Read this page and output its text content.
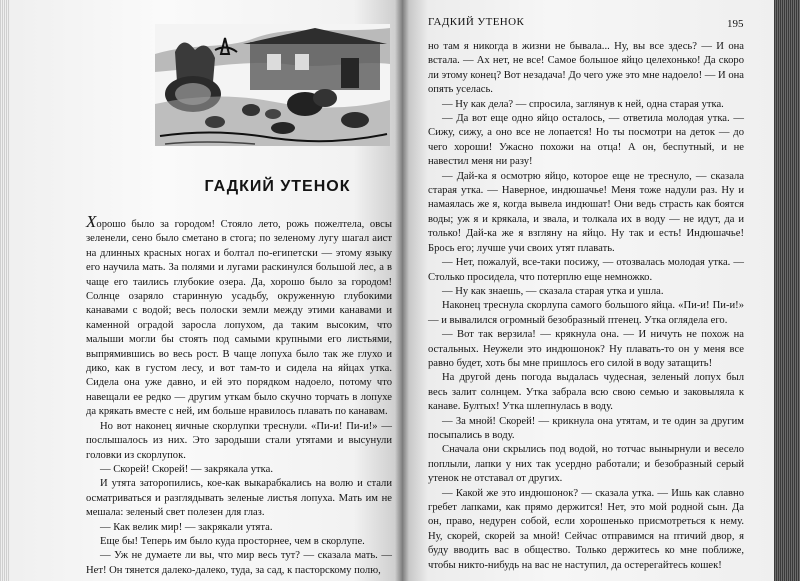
ГАДКИЙ УТЕНОК

Хорошо было за городом! Стояло лето, рожь пожелтела, овсы зеленели, сено было сметано в стога; по зеленому лугу шагал аист на длинных красных ногах и болтал по-египетски — этому языку его научила мать. За полями и лугами раскинулся большой лес, а в чаще его таились глубокие озера. Да, хорошо было за городом! Солнце озаряло старинную усадьбу, окруженную глубокими канавами с водой; весь полоски земли между этими канавами и каменной оградой заросла лопухом, да таким высоким, что малыши могли бы стоять под самыми крупными его листьями, выпрямившись во весь рост. В чаще лопуха было так же глухо и дико, как в густом лесу, и вот там-то и сидела на яйцах утка. Сидела она уже давно, и ей это порядком надоело, потому что навещали ее редко — другим уткам было скучно торчать в лопухе да крякать вместе с ней, им больше нравилось плавать по канавам.

Но вот наконец яичные скорлупки треснули. «Пи-и! Пи-и!» — послышалось из них. Это зародыши стали утятами и высунули головки из скорлупок.

— Скорей! Скорей! — закрякала утка.

И утята заторопились, кое-как выкарабкались на волю и стали осматриваться и разглядывать зеленые листья лопуха. Мать им не мешала: зеленый свет полезен для глаз.

— Как велик мир! — закрякали утята.

Еще бы! Теперь им было куда просторнее, чем в скорлупе.

— Уж не думаете ли вы, что мир весь тут? — сказала мать. — Нет! Он тянется далеко-далеко, туда, за сад, к пасторскому полю,

ГАДКИЙ УТЕНОК	195

но там я никогда в жизни не бывала... Ну, вы все здесь? — И она встала. — Ах нет, не все! Самое большое яйцо целехонько! Да скоро ли этому конец? Вот незадача! До чего уже это мне надоело! — И она опять уселась.

— Ну как дела? — спросила, заглянув к ней, одна старая утка.

— Да вот еще одно яйцо осталось, — ответила молодая утка. — Сижу, сижу, а оно все не лопается! Но ты посмотри на деток — до чего хороши! Ужасно похожи на отца! А он, беспутный, и не навестил меня ни разу!

— Дай-ка я осмотрю яйцо, которое еще не треснуло, — сказала старая утка. — Наверное, индюшачье! Меня тоже надули раз. Ну и намаялась же я, когда вывела индюшат! Они ведь страсть как боятся воды; уж я и крякала, и звала, и толкала их в воду — не идут, да и только! Дай-ка же я взгляну на яйцо. Ну так и есть! Индюшачье! Брось его; лучше учи своих утят плавать.

— Нет, пожалуй, все-таки посижу, — отозвалась молодая утка. — Столько просидела, что потерплю еще немножко.

— Ну как знаешь, — сказала старая утка и ушла.

Наконец треснула скорлупа самого большого яйца. «Пи-и! Пи-и!» — и вывалился огромный безобразный птенец. Утка оглядела его.

— Вот так верзила! — крякнула она. — И ничуть не похож на остальных. Неужели это индюшонок? Ну плавать-то он у меня все равно будет, хоть бы мне пришлось его силой в воду затащить!

На другой день погода выдалась чудесная, зеленый лопух был весь залит солнцем. Утка забрала всю свою семью и заковыляла к канаве. Бултых! Утка шлепнулась в воду.

— За мной! Скорей! — крикнула она утятам, и те один за другим посыпались в воду.

Сначала они скрылись под водой, но тотчас вынырнули и весело поплыли, лапки у них так усердно работали; и безобразный серый утенок не отставал от других.

— Какой же это индюшонок? — сказала утка. — Ишь как славно гребет лапками, как прямо держится! Нет, это мой родной сын. Да он, право, недурен собой, если хорошенько присмотреться к нему. Ну, скорей, скорей за мной! Сейчас отправимся на птичий двор, я буду вводить вас в общество. Только держитесь ко мне поближе, чтобы никто-нибудь на вас не наступил, да остерегайтесь кошек!
